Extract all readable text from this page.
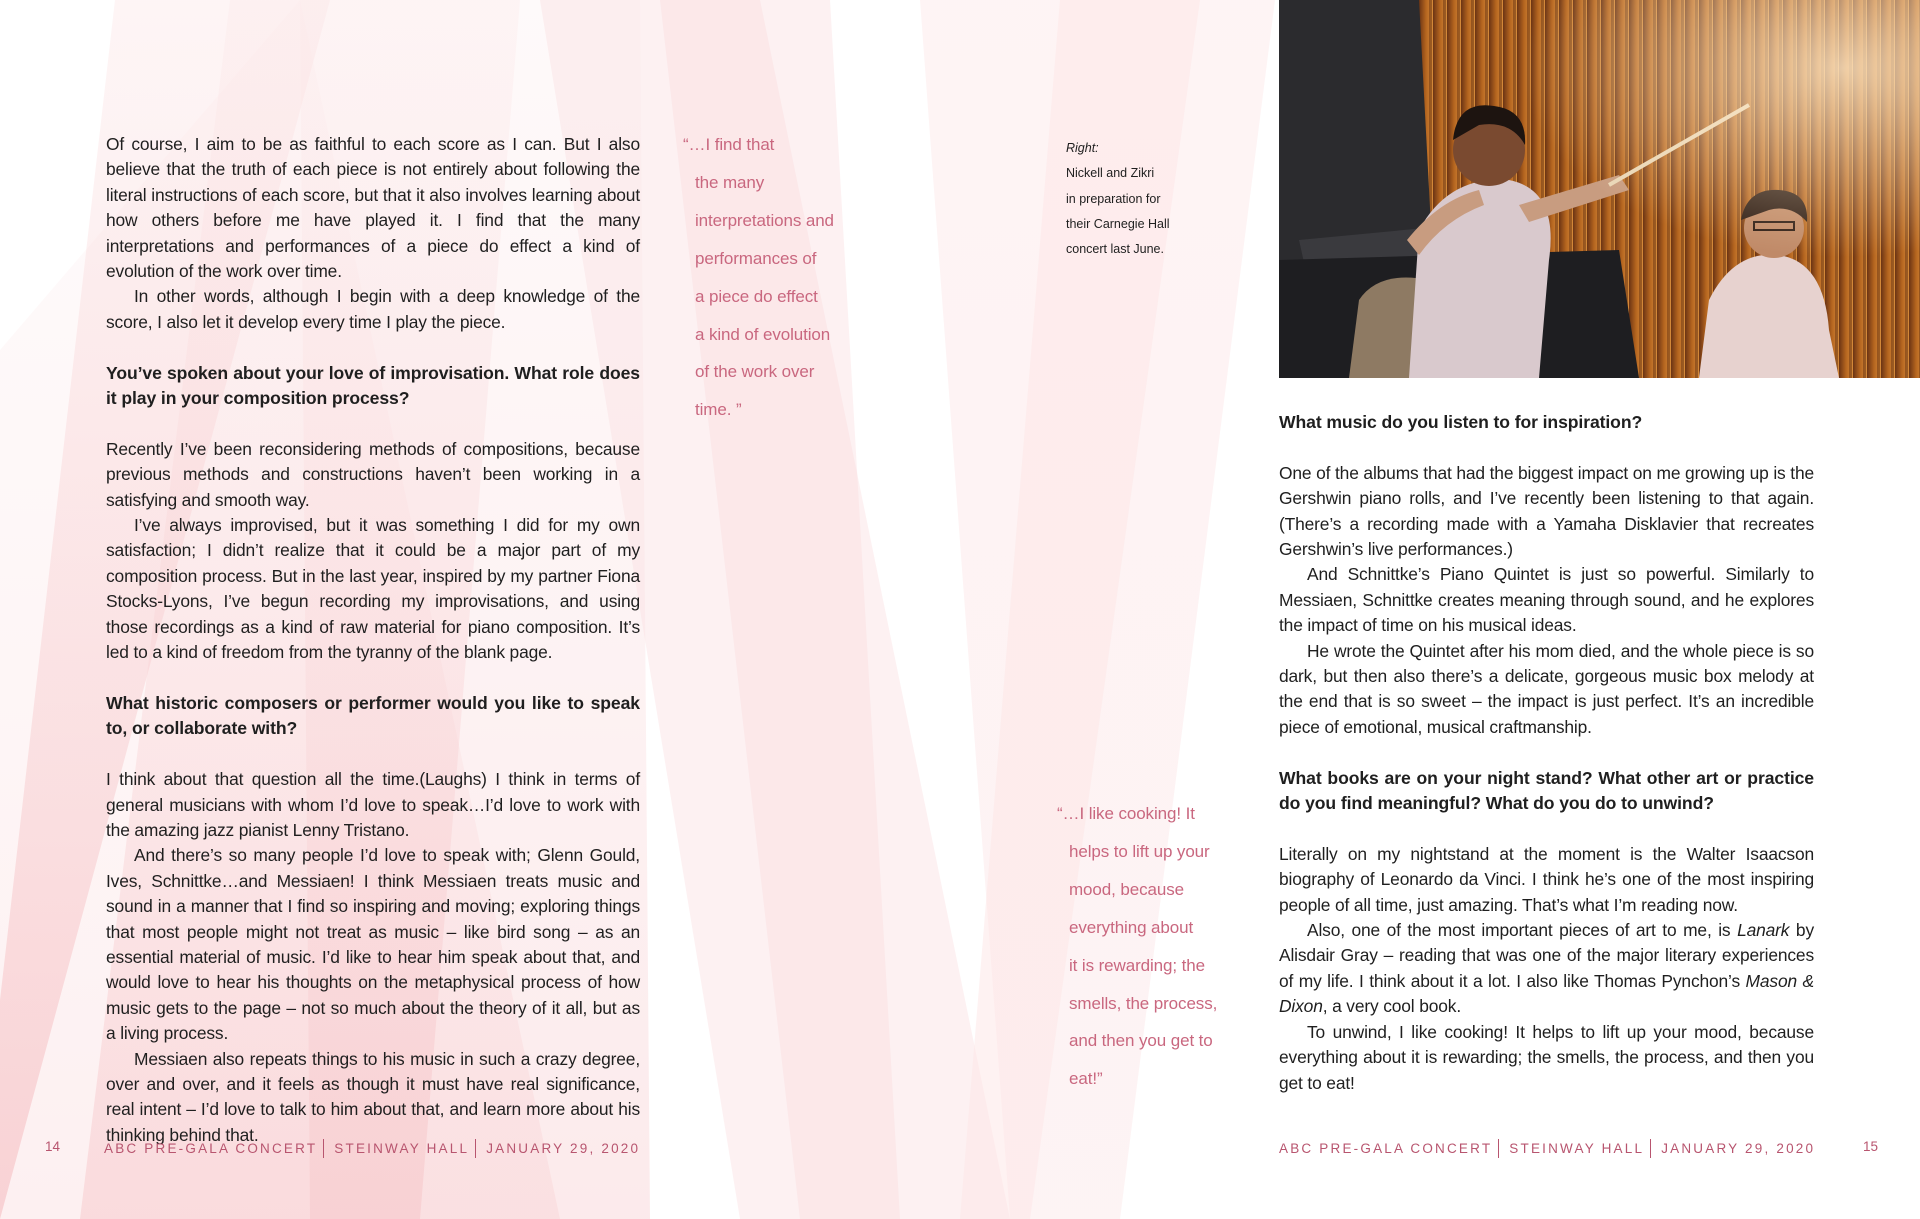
Of course, I aim to be as faithful to each score as I can. But I also believe that the truth of each piece is not entirely about following the literal instructions of each score, but that it also involves learning about how others before me have played it. I find that the many interpretations and performances of a piece do effect a kind of evolution of the work over time.

In other words, although I begin with a deep knowledge of the score, I also let it develop every time I play the piece.

You’ve spoken about your love of improvisation. What role does it play in your composition process?

Recently I’ve been reconsidering methods of compositions, because previous methods and constructions haven’t been working in a satisfying and smooth way.

I’ve always improvised, but it was something I did for my own satisfaction; I didn’t realize that it could be a major part of my composition process. But in the last year, inspired by my partner Fiona Stocks-Lyons, I’ve begun recording my improvisations, and using those recordings as a kind of raw material for piano composition. It’s led to a kind of freedom from the tyranny of the blank page.

What historic composers or performer would you like to speak to, or collaborate with?

I think about that question all the time.(Laughs) I think in terms of general musicians with whom I’d love to speak…I’d love to work with the amazing jazz pianist Lenny Tristano.

And there’s so many people I’d love to speak with; Glenn Gould, Ives, Schnittke…and Messiaen! I think Messiaen treats music and sound in a manner that I find so inspiring and moving; exploring things that most people might not treat as music – like bird song – as an essential material of music. I’d like to hear him speak about that, and would love to hear his thoughts on the metaphysical process of how music gets to the page – not so much about the theory of it all, but as a living process.

Messiaen also repeats things to his music in such a crazy degree, over and over, and it feels as though it must have real significance, real intent – I’d love to talk to him about that, and learn more about his thinking behind that.

“…I find that
the many
interpretations and
performances of
a piece do effect
a kind of evolution
of the work over
time. ”
14	ABC PRE-GALA CONCERT STEINWAY HALL JANUARY 29, 2020
Right:
Nickell and Zikri
in preparation for
their Carnegie Hall
concert last June.
“…I like cooking! It
helps to lift up your
mood, because
everything about
it is rewarding; the
smells, the process,
and then you get to
eat!”
What music do you listen to for inspiration?

One of the albums that had the biggest impact on me growing up is the Gershwin piano rolls, and I’ve recently been listening to that again. (There’s a recording made with a Yamaha Disklavier that recreates Gershwin’s live performances.)

And Schnittke’s Piano Quintet is just so powerful. Similarly to Messiaen, Schnittke creates meaning through sound, and he explores the impact of time on his musical ideas.

He wrote the Quintet after his mom died, and the whole piece is so dark, but then also there’s a delicate, gorgeous music box melody at the end that is so sweet – the impact is just perfect. It’s an incredible piece of emotional, musical craftmanship.

What books are on your night stand? What other art or practice do you find meaningful? What do you do to unwind?

Literally on my nightstand at the moment is the Walter Isaacson biography of Leonardo da Vinci. I think he’s one of the most inspiring people of all time, just amazing. That’s what I’m reading now.

Also, one of the most important pieces of art to me, is Lanark by Alisdair Gray – reading that was one of the major literary experiences of my life. I think about it a lot. I also like Thomas Pynchon’s Mason & Dixon, a very cool book.

To unwind, I like cooking! It helps to lift up your mood, because everything about it is rewarding; the smells, the process, and then you get to eat!

ABC PRE-GALA CONCERT STEINWAY HALL JANUARY 29, 2020	15
